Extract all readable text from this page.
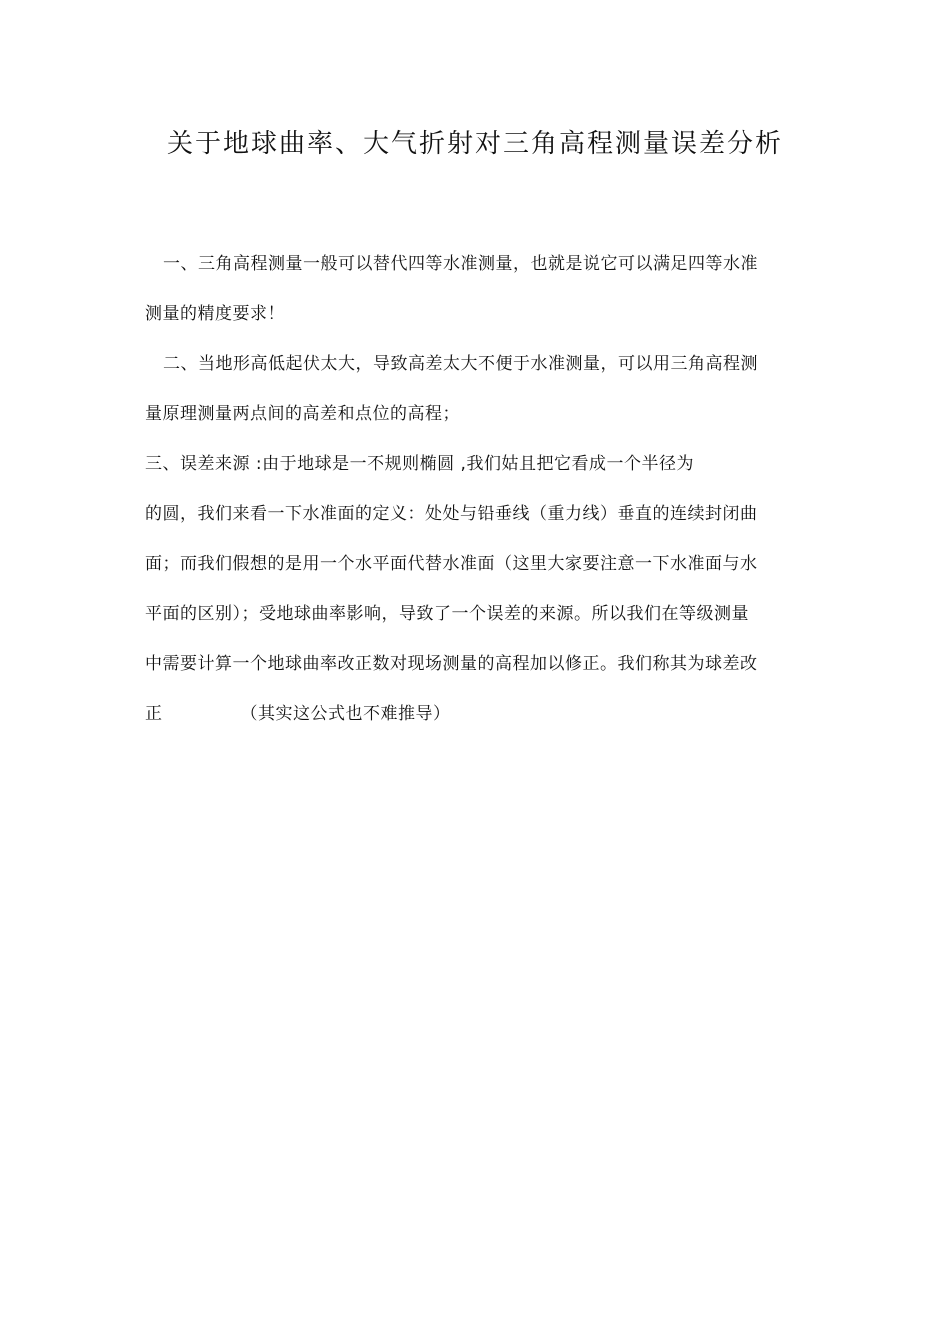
关于地球曲率、大气折射对三角高程测量误差分析
一、三角高程测量一般可以替代四等水准测量，也就是说它可以满足四等水准
测量的精度要求！
二、当地形高低起伏太大，导致高差太大不便于水准测量，可以用三角高程测
量原理测量两点间的高差和点位的高程；
三、误差来源 :由于地球是一不规则椭圆 ,我们姑且把它看成一个半径为
的圆，我们来看一下水准面的定义：处处与铅垂线（重力线）垂直的连续封闭曲
面；而我们假想的是用一个水平面代替水准面（这里大家要注意一下水准面与水
平面的区别）；受地球曲率影响，导致了一个误差的来源。所以我们在等级测量
中需要计算一个地球曲率改正数对现场测量的高程加以修正。我们称其为球差改
正	（其实这公式也不难推导）
